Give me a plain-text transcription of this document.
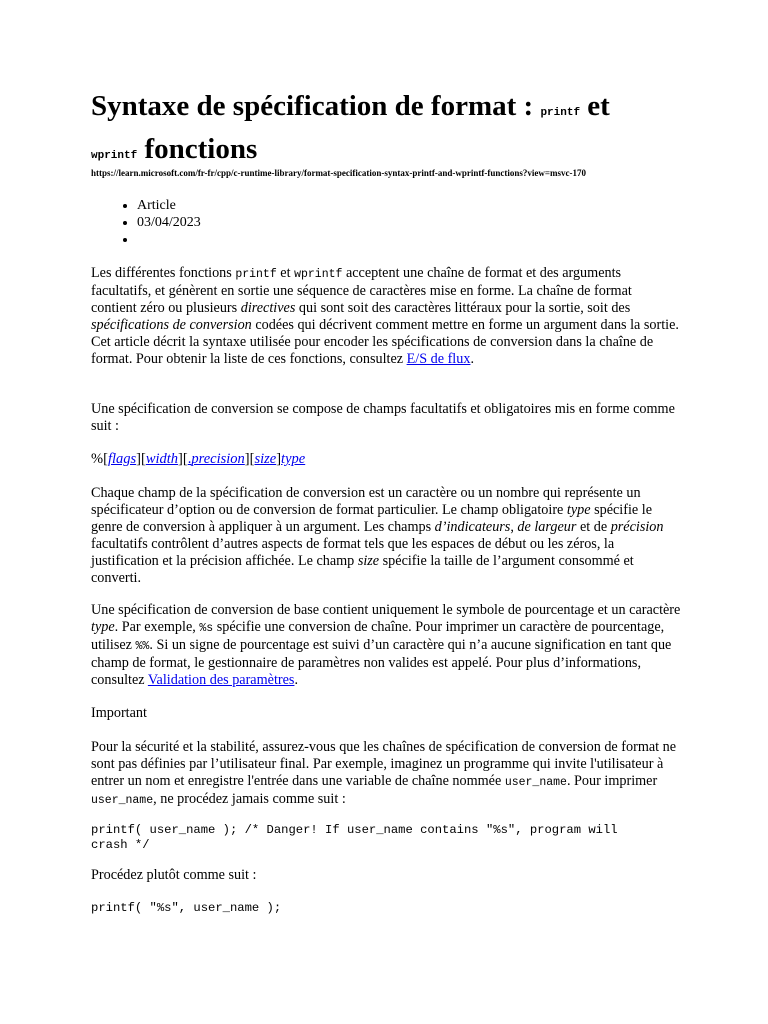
Syntaxe de spécification de format : printf et
wprintf fonctions
https://learn.microsoft.com/fr-fr/cpp/c-runtime-library/format-specification-syntax-printf-and-wprintf-functions?view=msvc-170
• Article
• 03/04/2023
•

Les différentes fonctions printf et wprintf acceptent une chaîne de format et des arguments facultatifs, et génèrent en sortie une séquence de caractères mise en forme. La chaîne de format contient zéro ou plusieurs directives qui sont soit des caractères littéraux pour la sortie, soit des spécifications de conversion codées qui décrivent comment mettre en forme un argument dans la sortie. Cet article décrit la syntaxe utilisée pour encoder les spécifications de conversion dans la chaîne de format. Pour obtenir la liste de ces fonctions, consultez E/S de flux.

Une spécification de conversion se compose de champs facultatifs et obligatoires mis en forme comme suit :

%[flags][width][.precision][size]type

Chaque champ de la spécification de conversion est un caractère ou un nombre qui représente un spécificateur d’option ou de conversion de format particulier. Le champ obligatoire type spécifie le genre de conversion à appliquer à un argument. Les champs d’indicateurs, de largeur et de précision facultatifs contrôlent d’autres aspects de format tels que les espaces de début ou les zéros, la justification et la précision affichée. Le champ size spécifie la taille de l’argument consommé et converti.

Une spécification de conversion de base contient uniquement le symbole de pourcentage et un caractère type. Par exemple, %s spécifie une conversion de chaîne. Pour imprimer un caractère de pourcentage, utilisez %%. Si un signe de pourcentage est suivi d’un caractère qui n’a aucune signification en tant que champ de format, le gestionnaire de paramètres non valides est appelé. Pour plus d’informations, consultez Validation des paramètres.

Important

Pour la sécurité et la stabilité, assurez-vous que les chaînes de spécification de conversion de format ne sont pas définies par l’utilisateur final. Par exemple, imaginez un programme qui invite l'utilisateur à entrer un nom et enregistre l'entrée dans une variable de chaîne nommée user_name. Pour imprimer user_name, ne procédez jamais comme suit :

printf( user_name ); /* Danger! If user_name contains "%s", program will
crash */

Procédez plutôt comme suit :

printf( "%s", user_name );
